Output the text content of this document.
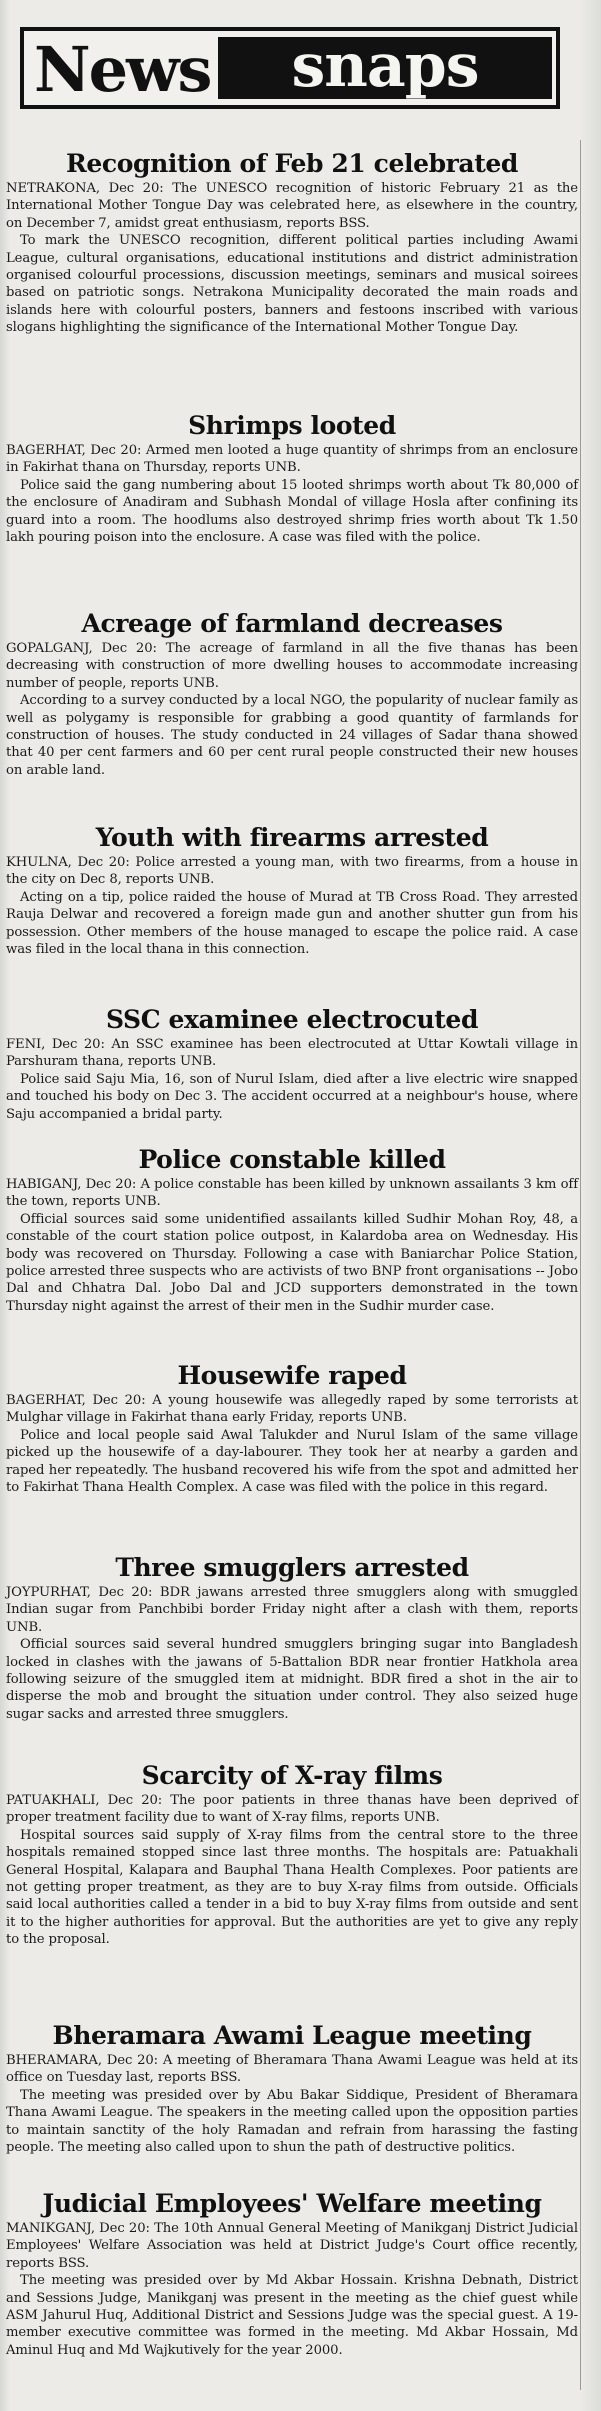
News	snaps
Recognition of Feb 21 celebrated

NETRAKONA, Dec 20: The UNESCO recognition of historic February 21 as the International Mother Tongue Day was celebrated here, as elsewhere in the country, on December 7, amidst great enthusiasm, reports BSS.

To mark the UNESCO recognition, different political parties including Awami League, cultural organisations, educational institutions and district administration organised colourful processions, discussion meetings, seminars and musical soirees based on patriotic songs. Netrakona Municipality decorated the main roads and islands here with colourful posters, banners and festoons inscribed with various slogans highlighting the significance of the International Mother Tongue Day.

Shrimps looted

BAGERHAT, Dec 20: Armed men looted a huge quantity of shrimps from an enclosure in Fakirhat thana on Thursday, reports UNB.

Police said the gang numbering about 15 looted shrimps worth about Tk 80,000 of the enclosure of Anadiram and Subhash Mondal of village Hosla after confining its guard into a room. The hoodlums also destroyed shrimp fries worth about Tk 1.50 lakh pouring poison into the enclosure. A case was filed with the police.

Acreage of farmland decreases

GOPALGANJ, Dec 20: The acreage of farmland in all the five thanas has been decreasing with construction of more dwelling houses to accommodate increasing number of people, reports UNB.

According to a survey conducted by a local NGO, the popularity of nuclear family as well as polygamy is responsible for grabbing a good quantity of farmlands for construction of houses. The study conducted in 24 villages of Sadar thana showed that 40 per cent farmers and 60 per cent rural people constructed their new houses on arable land.

Youth with firearms arrested

KHULNA, Dec 20: Police arrested a young man, with two firearms, from a house in the city on Dec 8, reports UNB.

Acting on a tip, police raided the house of Murad at TB Cross Road. They arrested Rauja Delwar and recovered a foreign made gun and another shutter gun from his possession. Other members of the house managed to escape the police raid. A case was filed in the local thana in this connection.

SSC examinee electrocuted

FENI, Dec 20: An SSC examinee has been electrocuted at Uttar Kowtali village in Parshuram thana, reports UNB.

Police said Saju Mia, 16, son of Nurul Islam, died after a live electric wire snapped and touched his body on Dec 3. The accident occurred at a neighbour's house, where Saju accompanied a bridal party.

Police constable killed

HABIGANJ, Dec 20: A police constable has been killed by unknown assailants 3 km off the town, reports UNB.

Official sources said some unidentified assailants killed Sudhir Mohan Roy, 48, a constable of the court station police outpost, in Kalardoba area on Wednesday. His body was recovered on Thursday. Following a case with Baniarchar Police Station, police arrested three suspects who are activists of two BNP front organisations -- Jobo Dal and Chhatra Dal. Jobo Dal and JCD supporters demonstrated in the town Thursday night against the arrest of their men in the Sudhir murder case.

Housewife raped

BAGERHAT, Dec 20: A young housewife was allegedly raped by some terrorists at Mulghar village in Fakirhat thana early Friday, reports UNB.

Police and local people said Awal Talukder and Nurul Islam of the same village picked up the housewife of a day-labourer. They took her at nearby a garden and raped her repeatedly. The husband recovered his wife from the spot and admitted her to Fakirhat Thana Health Complex. A case was filed with the police in this regard.

Three smugglers arrested

JOYPURHAT, Dec 20: BDR jawans arrested three smugglers along with smuggled Indian sugar from Panchbibi border Friday night after a clash with them, reports UNB.

Official sources said several hundred smugglers bringing sugar into Bangladesh locked in clashes with the jawans of 5-Battalion BDR near frontier Hatkhola area following seizure of the smuggled item at midnight. BDR fired a shot in the air to disperse the mob and brought the situation under control. They also seized huge sugar sacks and arrested three smugglers.

Scarcity of X-ray films

PATUAKHALI, Dec 20: The poor patients in three thanas have been deprived of proper treatment facility due to want of X-ray films, reports UNB.

Hospital sources said supply of X-ray films from the central store to the three hospitals remained stopped since last three months. The hospitals are: Patuakhali General Hospital, Kalapara and Bauphal Thana Health Complexes. Poor patients are not getting proper treatment, as they are to buy X-ray films from outside. Officials said local authorities called a tender in a bid to buy X-ray films from outside and sent it to the higher authorities for approval. But the authorities are yet to give any reply to the proposal.

Bheramara Awami League meeting

BHERAMARA, Dec 20: A meeting of Bheramara Thana Awami League was held at its office on Tuesday last, reports BSS.

The meeting was presided over by Abu Bakar Siddique, President of Bheramara Thana Awami League. The speakers in the meeting called upon the opposition parties to maintain sanctity of the holy Ramadan and refrain from harassing the fasting people. The meeting also called upon to shun the path of destructive politics.

Judicial Employees' Welfare meeting

MANIKGANJ, Dec 20: The 10th Annual General Meeting of Manikganj District Judicial Employees' Welfare Association was held at District Judge's Court office recently, reports BSS.

The meeting was presided over by Md Akbar Hossain. Krishna Debnath, District and Sessions Judge, Manikganj was present in the meeting as the chief guest while ASM Jahurul Huq, Additional District and Sessions Judge was the special guest. A 19-member executive committee was formed in the meeting. Md Akbar Hossain, Md Aminul Huq and Md Wajkutively for the year 2000.
